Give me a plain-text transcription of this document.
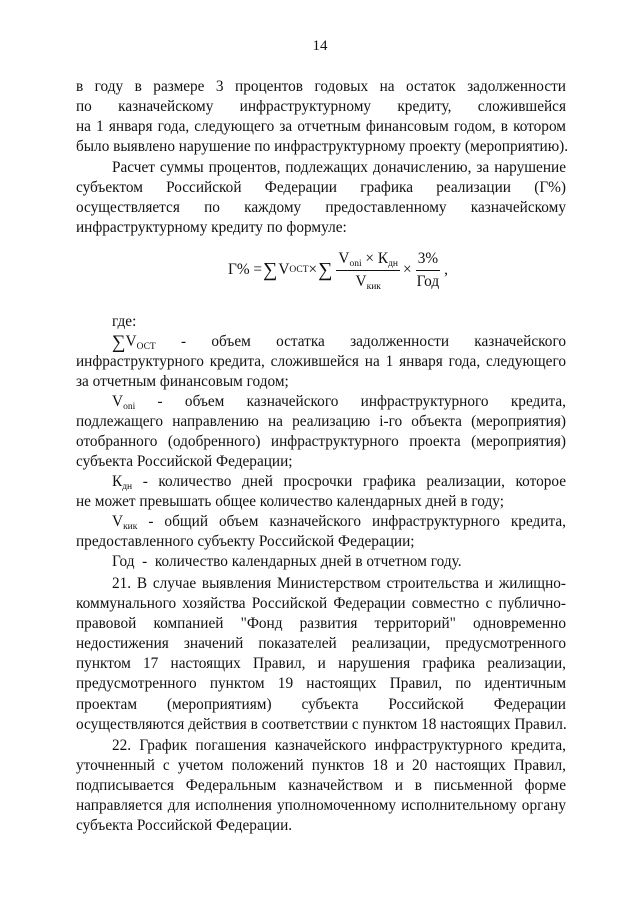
14
в году в размере 3 процентов годовых на остаток задолженности
по казначейскому инфраструктурному кредиту, сложившейся
на 1 января года, следующего за отчетным финансовым годом, в котором
было выявлено нарушение по инфраструктурному проекту (мероприятию).
Расчет суммы процентов, подлежащих доначислению, за нарушение
субъектом Российской Федерации графика реализации (Г%)
осуществляется по каждому предоставленному казначейскому
инфраструктурному кредиту по формуле:
Г% = ∑ V ОСТ × ∑ $\frac{V_{oni} \times К_{дн}}{V_{кик}} \times \frac{3\%}{\text{Год}}$ ,
где:
$\sum V_{ОСТ}$ - объем остатка задолженности казначейского
инфраструктурного кредита, сложившейся на 1 января года, следующего
за отчетным финансовым годом;
$V_{oni}$ - объем казначейского инфраструктурного кредита,
подлежащего направлению на реализацию i-го объекта (мероприятия)
отобранного (одобренного) инфраструктурного проекта (мероприятия)
субъекта Российской Федерации;
$К_{дн}$ - количество дней просрочки графика реализации, которое
не может превышать общее количество календарных дней в году;
$V_{кик}$ - общий объем казначейского инфраструктурного кредита,
предоставленного субъекту Российской Федерации;
Год  -  количество календарных дней в отчетном году.
21. В случае выявления Министерством строительства и жилищно-
коммунального хозяйства Российской Федерации совместно с публично-
правовой компанией "Фонд развития территорий" одновременно
недостижения значений показателей реализации, предусмотренного
пунктом 17 настоящих Правил, и нарушения графика реализации,
предусмотренного пунктом 19 настоящих Правил, по идентичным
проектам (мероприятиям) субъекта Российской Федерации
осуществляются действия в соответствии с пунктом 18 настоящих Правил.
22. График погашения казначейского инфраструктурного кредита,
уточненный с учетом положений пунктов 18 и 20 настоящих Правил,
подписывается Федеральным казначейством и в письменной форме
направляется для исполнения уполномоченному исполнительному органу
субъекта Российской Федерации.
